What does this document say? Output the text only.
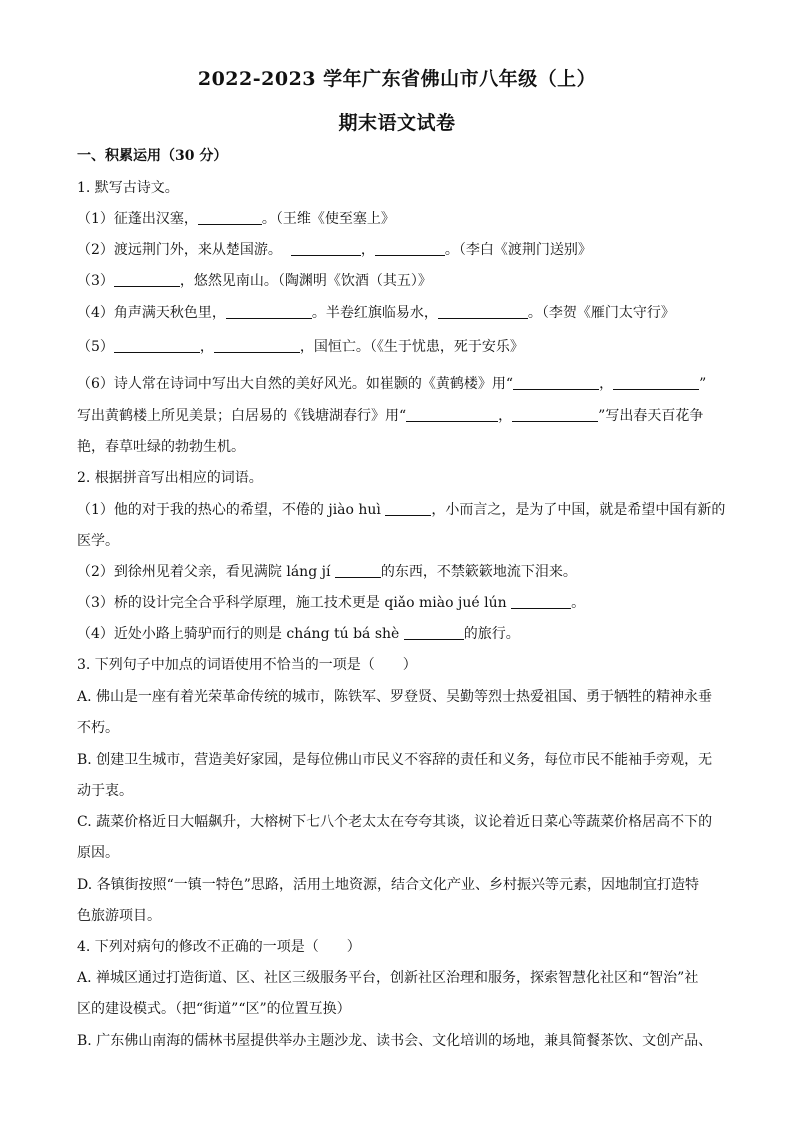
2022-2023 学年广东省佛山市八年级（上）
期末语文试卷
一、积累运用（30 分）
1. 默写古诗文。
（1）征蓬出汉塞，	。（王维《使至塞上》
（2）渡远荆门外，来从楚国游。	，	。（李白《渡荆门送别》
（3）	，悠然见南山。（陶渊明《饮酒（其五）》
（4）角声满天秋色里，	。半卷红旗临易水，	。（李贺《雁门太守行》
（5）	，	，国恒亡。（《生于忧患，死于安乐》
（6）诗人常在诗词中写出大自然的美好风光。如崔颢的《黄鹤楼》用“	，	”
写出黄鹤楼上所见美景；白居易的《钱塘湖春行》用“	，	”写出春天百花争
艳，春草吐绿的勃勃生机。
2. 根据拼音写出相应的词语。
（1）他的对于我的热心的希望，不倦的 jiào huì	，小而言之，是为了中国，就是希望中国有新的
医学。
（2）到徐州见着父亲，看见满院 láng jí	的东西，不禁簌簌地流下泪来。
（3）桥的设计完全合乎科学原理，施工技术更是 qiǎo miào jué lún	。
（4）近处小路上骑驴而行的则是 cháng tú bá shè	的旅行。
3. 下列句子中加点的词语使用不恰当的一项是（　　）
A. 佛山是一座有着光荣革命传统的城市，陈铁军、罗登贤、吴勤等烈士热爱祖国、勇于牺牲的精神永垂
不朽。
B. 创建卫生城市，营造美好家园，是每位佛山市民义不容辞的责任和义务，每位市民不能袖手旁观，无
动于衷。
C. 蔬菜价格近日大幅飙升，大榕树下七八个老太太在夸夸其谈，议论着近日菜心等蔬菜价格居高不下的
原因。
D. 各镇街按照“一镇一特色”思路，活用土地资源，结合文化产业、乡村振兴等元素，因地制宜打造特
色旅游项目。
4. 下列对病句的修改不正确的一项是（　　）
A. 禅城区通过打造街道、区、社区三级服务平台，创新社区治理和服务，探索智慧化社区和“智治”社
区的建设模式。（把“街道”“区”的位置互换）
B. 广东佛山南海的儒林书屋提供举办主题沙龙、读书会、文化培训的场地，兼具简餐茶饮、文创产品、
